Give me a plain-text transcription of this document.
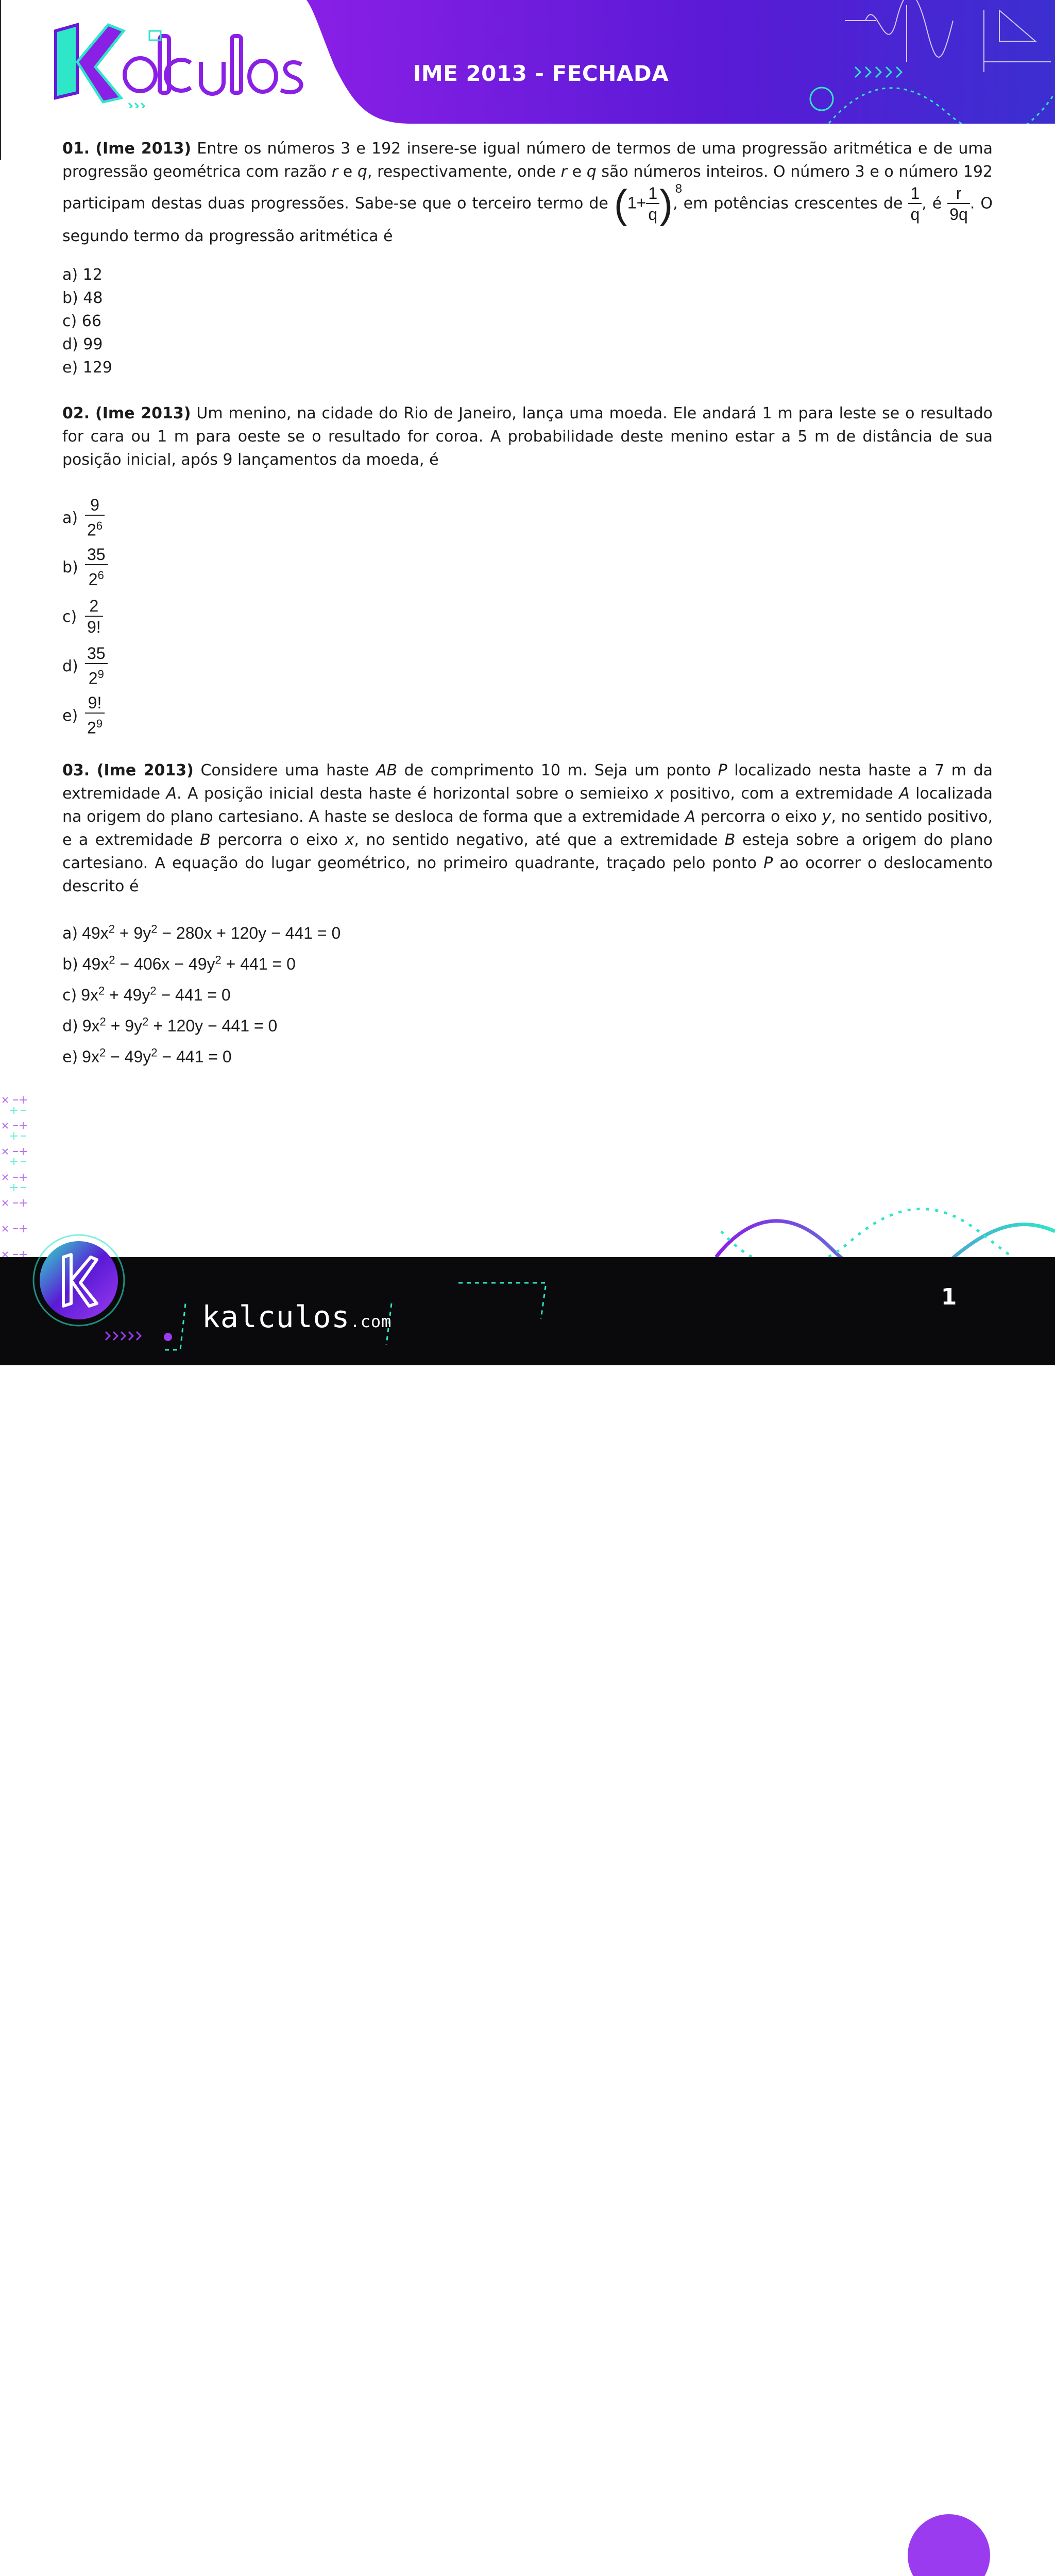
IME 2013 - FECHADA

01. (Ime 2013) Entre os números 3 e 192 insere-se igual número de termos de uma progressão aritmética e de uma progressão geométrica com razão r e q, respectivamente, onde r e q são números inteiros. O número 3 e o número 192 participam destas duas progressões. Sabe-se que o terceiro termo de ($1+ \frac{1}{q}$ ) 8
, em potências crescentes de $\frac{1}{q}$ , é $\frac{r}{9q}$ . O segundo termo da progressão aritmética é

a) 12
b) 48
c) 66
d) 99
e) 129

02. (Ime 2013) Um menino, na cidade do Rio de Janeiro, lança uma moeda. Ele andará 1 m para leste se o resultado for cara ou 1 m para oeste se o resultado for coroa. A probabilidade deste menino estar a 5 m de distância de sua posição inicial, após 9 lançamentos da moeda, é

$a) \frac{9}{2^6}$
$b) \frac{35}{2^6}$
$c) \frac{2}{9!}$
$d) \frac{35}{2^9}$
$e) \frac{9!}{2^9}$

03. (Ime 2013) Considere uma haste AB de comprimento 10 m. Seja um ponto P localizado nesta haste a 7 m da extremidade A. A posição inicial desta haste é horizontal sobre o semieixo x positivo, com a extremidade A localizada na origem do plano cartesiano. A haste se desloca de forma que a extremidade A percorra o eixo y, no sentido positivo, e a extremidade B percorra o eixo x, no sentido negativo, até que a extremidade B esteja sobre a origem do plano cartesiano. A equação do lugar geométrico, no primeiro quadrante, traçado pelo ponto P ao ocorrer o deslocamento descrito é

a) $49x^2 + 9y^2 - 280x + 120y - 441 = 0$
b) $49x^2 - 406x - 49y^2 + 441 = 0$
c) $9x^2 + 49y^2 - 441 = 0$
d) $9x^2 + 9y^2 + 120y - 441 = 0$
e) $9x^2 - 49y^2 - 441 = 0$
1
kalculos.com
